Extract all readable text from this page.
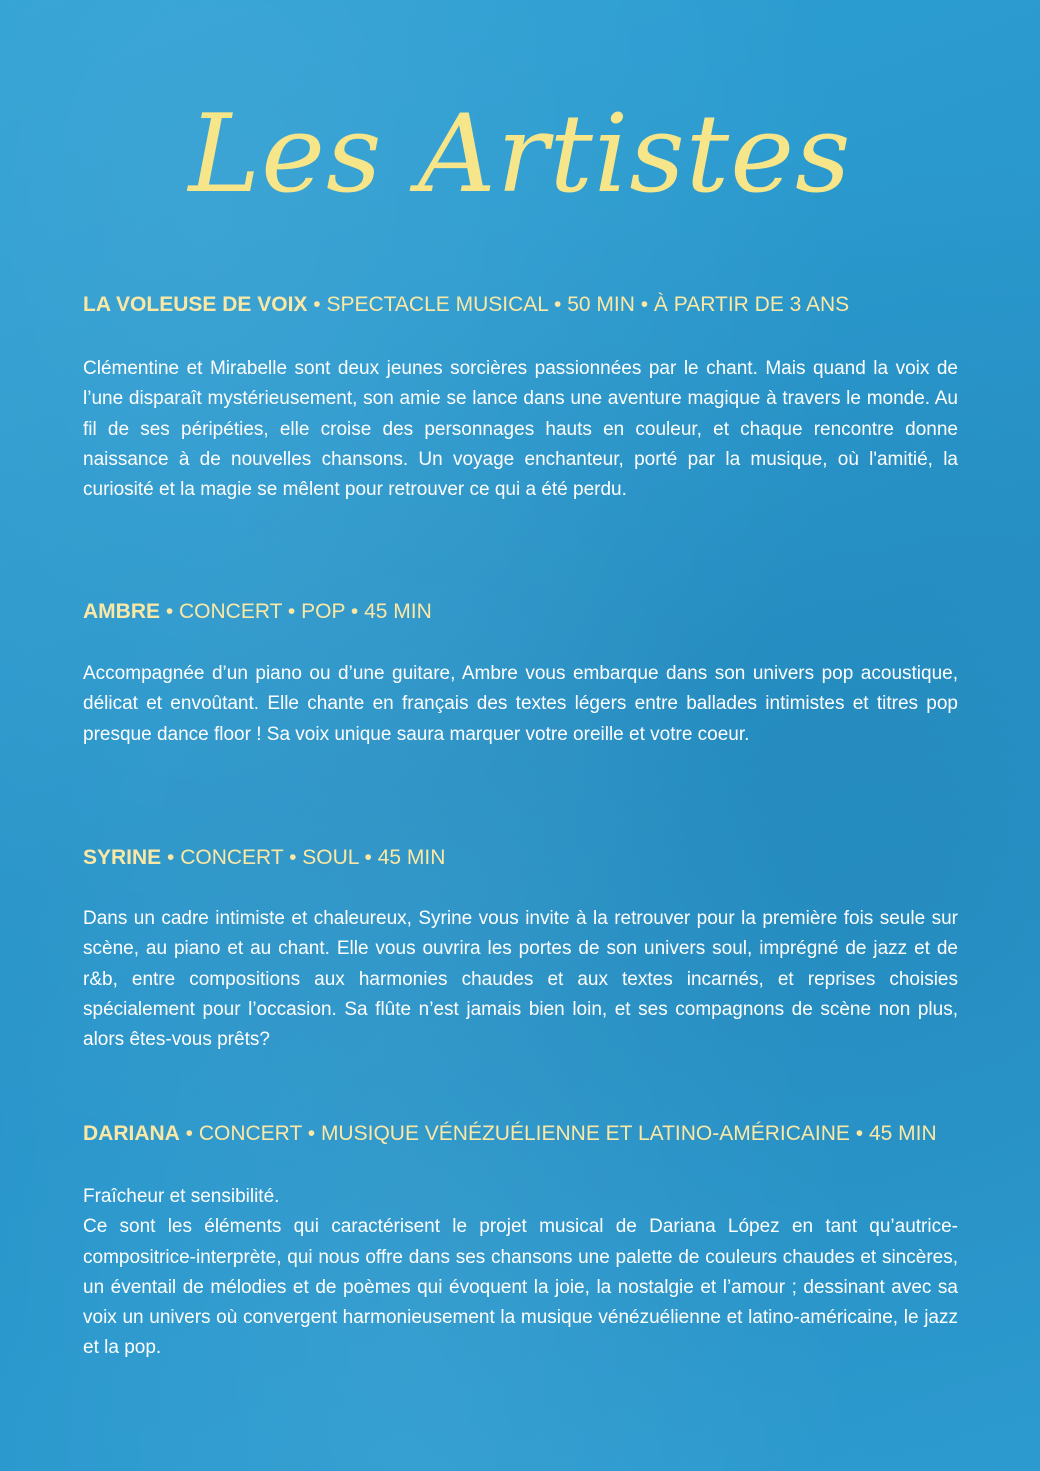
Les Artistes
LA VOLEUSE DE VOIX • SPECTACLE MUSICAL • 50 MIN • À PARTIR DE 3 ANS

Clémentine et Mirabelle sont deux jeunes sorcières passionnées par le chant. Mais quand la voix de l’une disparaît mystérieusement, son amie se lance dans une aventure magique à travers le monde. Au fil de ses péripéties, elle croise des personnages hauts en couleur, et chaque rencontre donne naissance à de nouvelles chansons. Un voyage enchanteur, porté par la musique, où l'amitié, la curiosité et la magie se mêlent pour retrouver ce qui a été perdu.

AMBRE • CONCERT • POP • 45 MIN

Accompagnée d’un piano ou d’une guitare, Ambre vous embarque dans son univers pop acoustique, délicat et envoûtant. Elle chante en français des textes légers entre ballades intimistes et titres pop presque dance floor ! Sa voix unique saura marquer votre oreille et votre coeur.

SYRINE • CONCERT • SOUL • 45 MIN

Dans un cadre intimiste et chaleureux, Syrine vous invite à la retrouver pour la première fois seule sur scène, au piano et au chant. Elle vous ouvrira les portes de son univers soul, imprégné de jazz et de r&b, entre compositions aux harmonies chaudes et aux textes incarnés, et reprises choisies spécialement pour l’occasion. Sa flûte n’est jamais bien loin, et ses compagnons de scène non plus, alors êtes-vous prêts?

DARIANA • CONCERT • MUSIQUE VÉNÉZUÉLIENNE ET LATINO-AMÉRICAINE • 45 MIN

Fraîcheur et sensibilité.

Ce sont les éléments qui caractérisent le projet musical de Dariana López en tant qu’autrice-compositrice-interprète, qui nous offre dans ses chansons une palette de couleurs chaudes et sincères, un éventail de mélodies et de poèmes qui évoquent la joie, la nostalgie et l’amour ; dessinant avec sa voix un univers où convergent harmonieusement la musique vénézuélienne et latino-américaine, le jazz et la pop.
